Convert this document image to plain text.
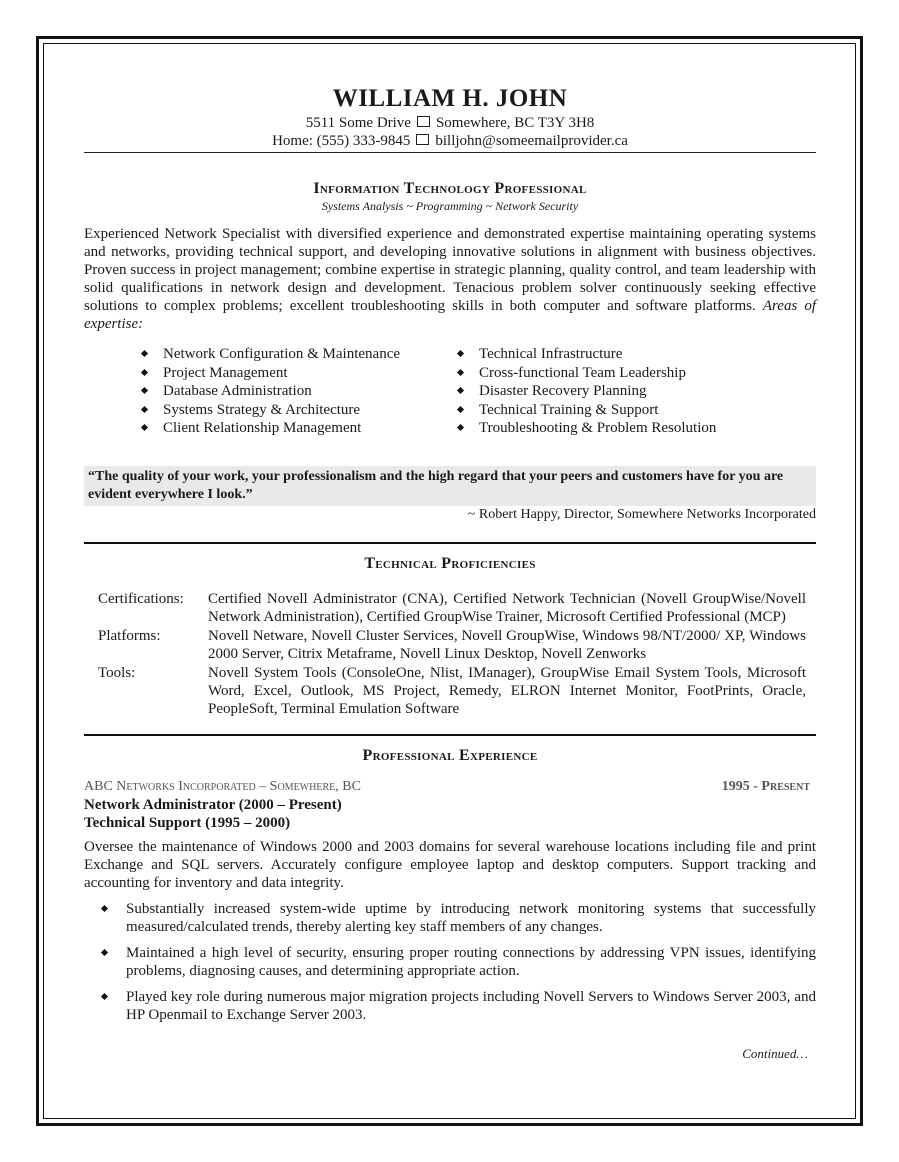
WILLIAM H. JOHN
5511 Some Drive Somewhere, BC T3Y 3H8
Home: (555) 333-9845 billjohn@someemailprovider.ca
Information Technology Professional
Systems Analysis ~ Programming ~ Network Security
Experienced Network Specialist with diversified experience and demonstrated expertise maintaining operating systems and networks, providing technical support, and developing innovative solutions in alignment with business objectives. Proven success in project management; combine expertise in strategic planning, quality control, and team leadership with solid qualifications in network design and development. Tenacious problem solver continuously seeking effective solutions to complex problems; excellent troubleshooting skills in both computer and software platforms. Areas of expertise:
Network Configuration & Maintenance
Project Management
Database Administration
Systems Strategy & Architecture
Client Relationship Management
Technical Infrastructure
Cross-functional Team Leadership
Disaster Recovery Planning
Technical Training & Support
Troubleshooting & Problem Resolution
“The quality of your work, your professionalism and the high regard that your peers and customers have for you are evident everywhere I look.”
~ Robert Happy, Director, Somewhere Networks Incorporated
Technical Proficiencies
Certifications:	Certified Novell Administrator (CNA), Certified Network Technician (Novell GroupWise/Novell Network Administration), Certified GroupWise Trainer, Microsoft Certified Professional (MCP)
Platforms:	Novell Netware, Novell Cluster Services, Novell GroupWise, Windows 98/NT/2000/ XP, Windows 2000 Server, Citrix Metaframe, Novell Linux Desktop, Novell Zenworks
Tools:	Novell System Tools (ConsoleOne, Nlist, IManager), GroupWise Email System Tools, Microsoft Word, Excel, Outlook, MS Project, Remedy, ELRON Internet Monitor, FootPrints, Oracle, PeopleSoft, Terminal Emulation Software
Professional Experience
ABC Networks Incorporated – Somewhere, BC	1995 - Present
Network Administrator (2000 – Present)
Technical Support (1995 – 2000)
Oversee the maintenance of Windows 2000 and 2003 domains for several warehouse locations including file and print Exchange and SQL servers. Accurately configure employee laptop and desktop computers. Support tracking and accounting for inventory and data integrity.
Substantially increased system-wide uptime by introducing network monitoring systems that successfully measured/calculated trends, thereby alerting key staff members of any changes.
Maintained a high level of security, ensuring proper routing connections by addressing VPN issues, identifying problems, diagnosing causes, and determining appropriate action.
Played key role during numerous major migration projects including Novell Servers to Windows Server 2003, and HP Openmail to Exchange Server 2003.
Continued…
